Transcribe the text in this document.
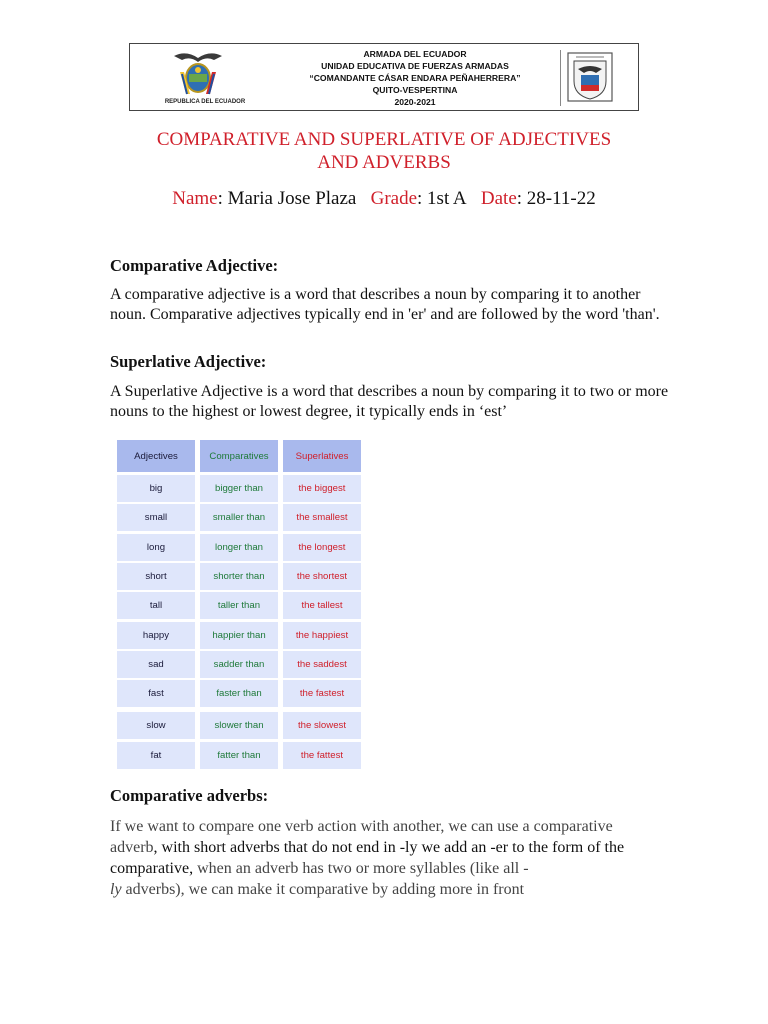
REPUBLICA DEL ECUADOR
ARMADA DEL ECUADOR
UNIDAD EDUCATIVA DE FUERZAS ARMADAS
“COMANDANTE CÁSAR ENDARA PEÑAHERRERA”
QUITO-VESPERTINA
2020-2021
COMPARATIVE AND SUPERLATIVE OF ADJECTIVES
AND ADVERBS
Name: Maria Jose Plaza Grade: 1st A Date: 28-11-22
Comparative Adjective:
A comparative adjective is a word that describes a noun by comparing it to another noun. Comparative adjectives typically end in 'er' and are followed by the word 'than'.
Superlative Adjective:
A Superlative Adjective is a word that describes a noun by comparing it to two or more nouns to the highest or lowest degree, it typically ends in ‘est’
Adjectives	Comparatives	Superlatives
big	bigger than	the biggest
small	smaller than	the smallest
long	longer than	the longest
short	shorter than	the shortest
tall	taller than	the tallest
happy	happier than	the happiest
sad	sadder than	the saddest
fast	faster than	the fastest
slow	slower than	the slowest
fat	fatter than	the fattest
Comparative adverbs:
If we want to compare one verb action with another, we can use a comparative adverb, with short adverbs that do not end in -ly we add an -er to the form of the comparative, when an adverb has two or more syllables (like all -
ly adverbs), we can make it comparative by adding more in front
